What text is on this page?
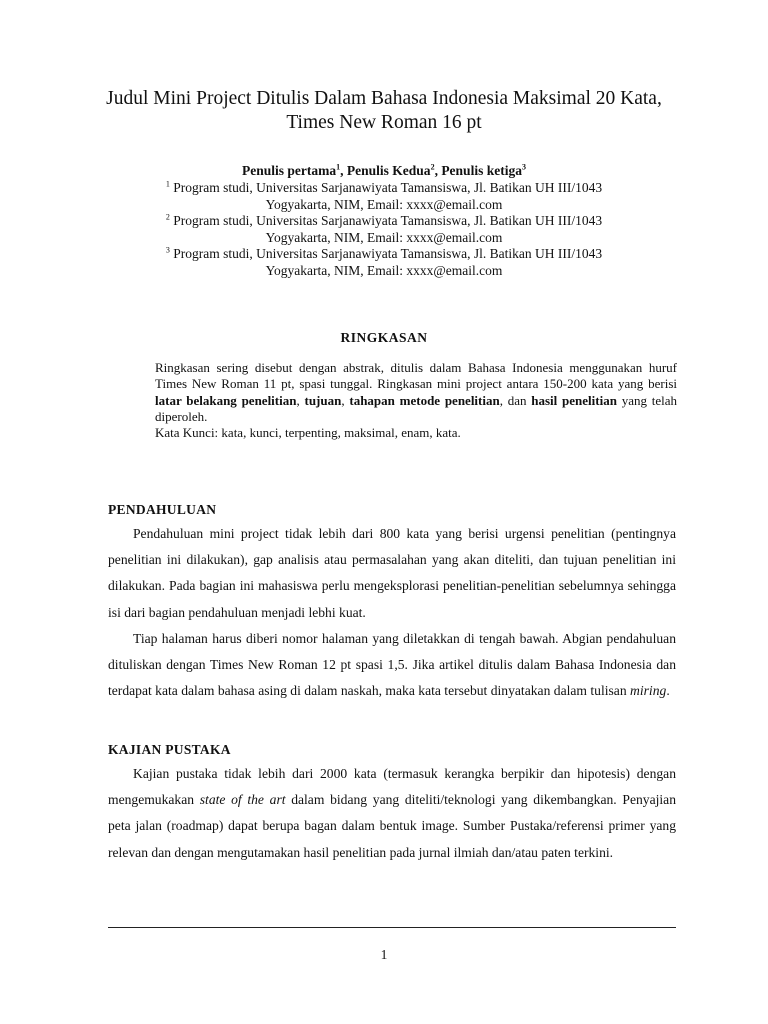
Judul Mini Project Ditulis Dalam Bahasa Indonesia Maksimal 20 Kata,
Times New Roman 16 pt
Penulis pertama$^1$, Penulis Kedua$^2$, Penulis ketiga$^3$
$^1$ Program studi, Universitas Sarjanawiyata Tamansiswa, Jl. Batikan UH III/1043
Yogyakarta, NIM, Email: xxxx@email.com
$^2$ Program studi, Universitas Sarjanawiyata Tamansiswa, Jl. Batikan UH III/1043
Yogyakarta, NIM, Email: xxxx@email.com
$^3$ Program studi, Universitas Sarjanawiyata Tamansiswa, Jl. Batikan UH III/1043
Yogyakarta, NIM, Email: xxxx@email.com
RINGKASAN

Ringkasan sering disebut dengan abstrak, ditulis dalam Bahasa Indonesia menggunakan huruf Times New Roman 11 pt, spasi tunggal. Ringkasan mini project antara 150-200 kata yang berisi latar belakang penelitian, tujuan, tahapan metode penelitian, dan hasil penelitian yang telah diperoleh.

Kata Kunci: kata, kunci, terpenting, maksimal, enam, kata.

PENDAHULUAN

Pendahuluan mini project tidak lebih dari 800 kata yang berisi urgensi penelitian (pentingnya penelitian ini dilakukan), gap analisis atau permasalahan yang akan diteliti, dan tujuan penelitian ini dilakukan. Pada bagian ini mahasiswa perlu mengeksplorasi penelitian-penelitian sebelumnya sehingga isi dari bagian pendahuluan menjadi lebhi kuat.

Tiap halaman harus diberi nomor halaman yang diletakkan di tengah bawah. Abgian pendahuluan dituliskan dengan Times New Roman 12 pt spasi 1,5. Jika artikel ditulis dalam Bahasa Indonesia dan terdapat kata dalam bahasa asing di dalam naskah, maka kata tersebut dinyatakan dalam tulisan miring.

KAJIAN PUSTAKA

Kajian pustaka tidak lebih dari 2000 kata (termasuk kerangka berpikir dan hipotesis) dengan mengemukakan state of the art dalam bidang yang diteliti/teknologi yang dikembangkan. Penyajian peta jalan (roadmap) dapat berupa bagan dalam bentuk image. Sumber Pustaka/referensi primer yang relevan dan dengan mengutamakan hasil penelitian pada jurnal ilmiah dan/atau paten terkini.

1
